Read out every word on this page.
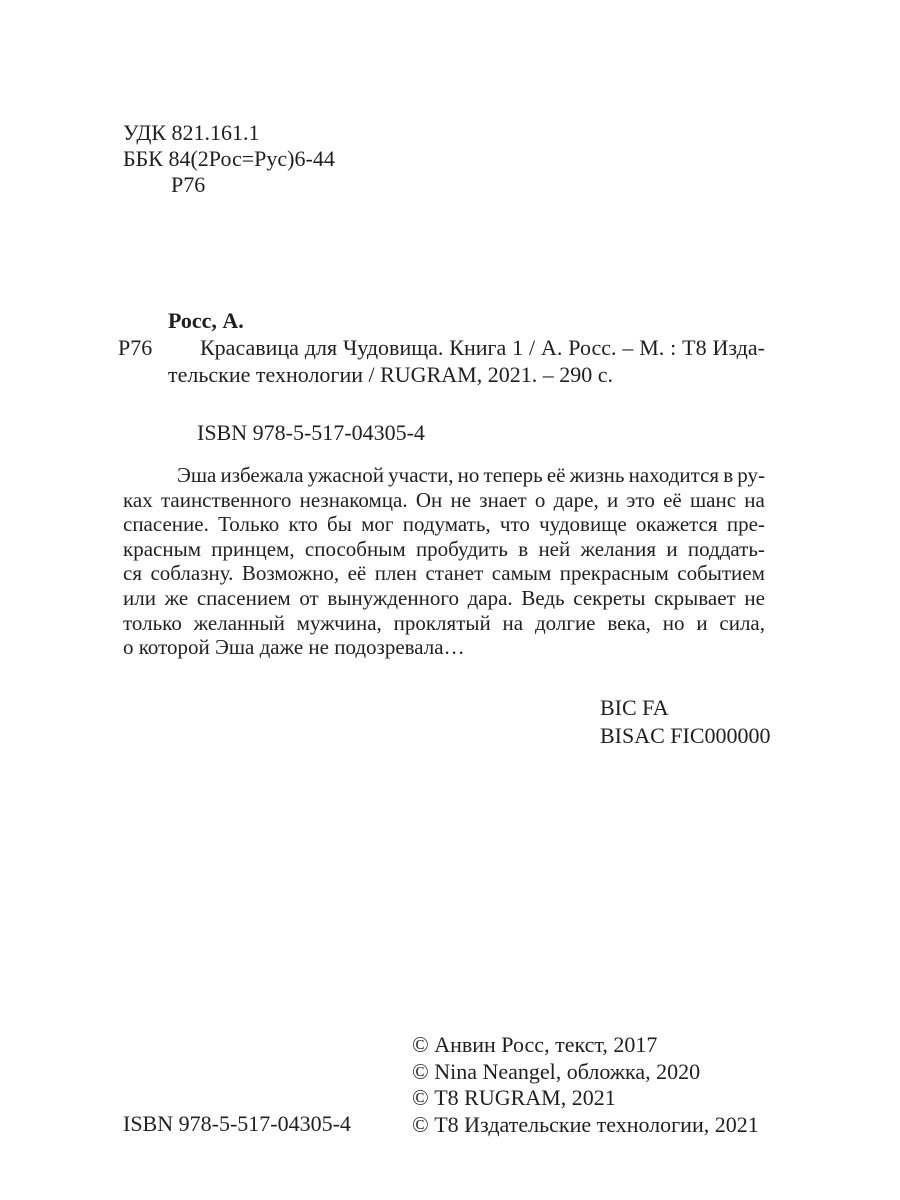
УДК 821.161.1
ББК 84(2Рос=Рус)6-44
Р76
Росс, А.
Р76 Красавица для Чудовища. Книга 1 / А. Росс. – М. : Т8 Изда-
тельские технологии / RUGRAM, 2021. – 290 с.
ISBN 978-5-517-04305-4
Эша избежала ужасной участи, но теперь её жизнь находится в ру-
ках таинственного незнакомца. Он не знает о даре, и это её шанс на
спасение. Только кто бы мог подумать, что чудовище окажется пре-
красным принцем, способным пробудить в ней желания и поддать-
ся соблазну. Возможно, её плен станет самым прекрасным событием
или же спасением от вынужденного дара. Ведь секреты скрывает не
только желанный мужчина, проклятый на долгие века, но и сила,
о которой Эша даже не подозревала…
BIC FA
BISAC FIC000000
© Анвин Росс, текст, 2017
© Nina Neangel, обложка, 2020
© Т8 RUGRAM, 2021
© Т8 Издательские технологии, 2021
ISBN 978-5-517-04305-4
